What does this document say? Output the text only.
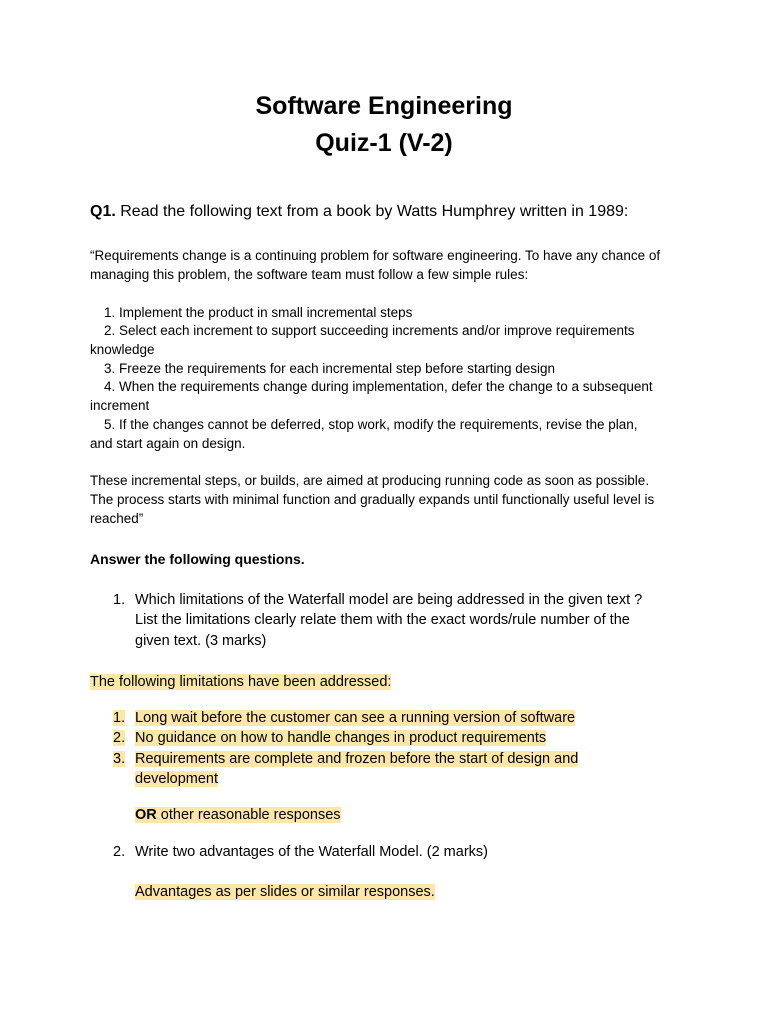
Software Engineering
Quiz-1 (V-2)
Q1. Read the following text from a book by Watts Humphrey written in 1989:
“Requirements change is a continuing problem for software engineering. To have any chance of
managing this problem, the software team must follow a few simple rules:
1. Implement the product in small incremental steps
2. Select each increment to support succeeding increments and/or improve requirements
knowledge
3. Freeze the requirements for each incremental step before starting design
4. When the requirements change during implementation, defer the change to a subsequent
increment
5. If the changes cannot be deferred, stop work, modify the requirements, revise the plan,
and start again on design.
These incremental steps, or builds, are aimed at producing running code as soon as possible.
The process starts with minimal function and gradually expands until functionally useful level is
reached”
Answer the following questions.
1. Which limitations of the Waterfall model are being addressed in the given text ?
List the limitations clearly relate them with the exact words/rule number of the
given text. (3 marks)
The following limitations have been addressed:
1. Long wait before the customer can see a running version of software
2. No guidance on how to handle changes in product requirements
3. Requirements are complete and frozen before the start of design and
development
OR other reasonable responses
2. Write two advantages of the Waterfall Model. (2 marks)
Advantages as per slides or similar responses.
